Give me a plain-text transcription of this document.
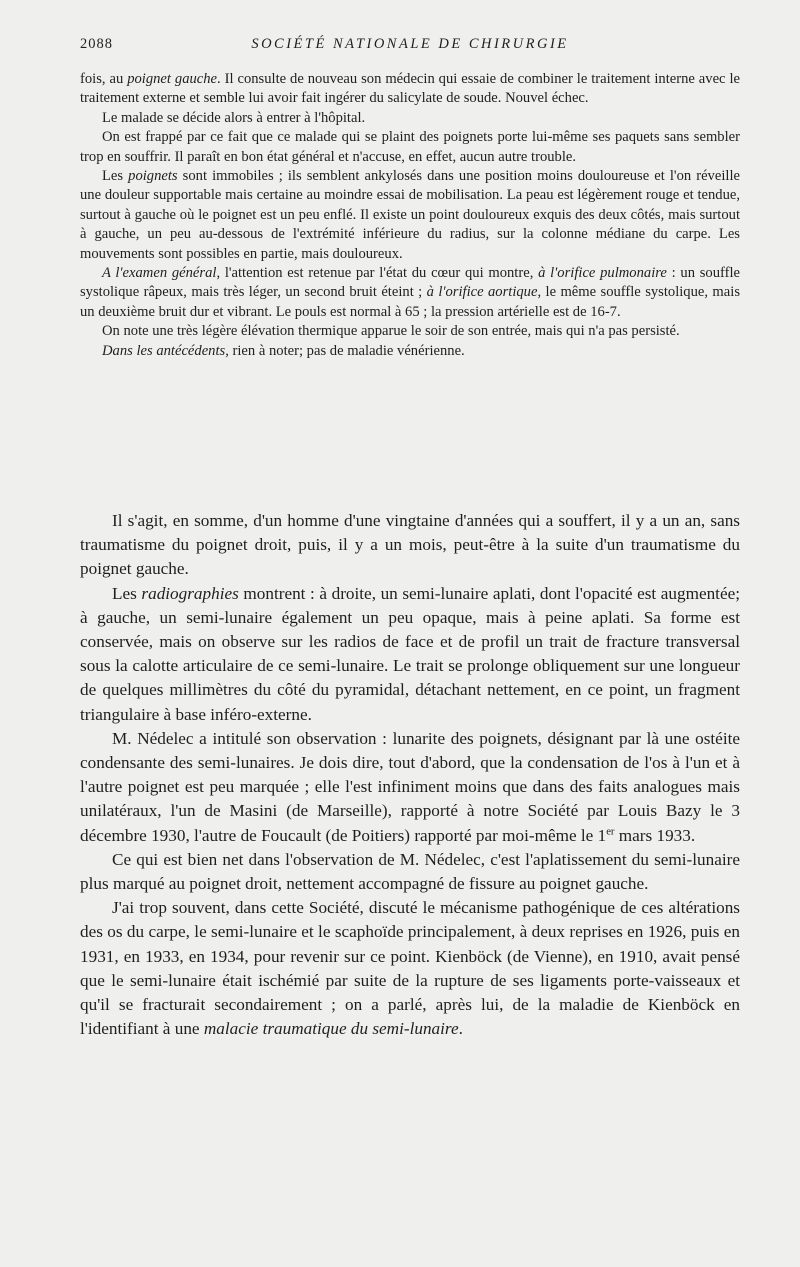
2088	SOCIÉTÉ NATIONALE DE CHIRURGIE

fois, au poignet gauche. Il consulte de nouveau son médecin qui essaie de combiner le traitement interne avec le traitement externe et semble lui avoir fait ingérer du salicylate de soude. Nouvel échec.

Le malade se décide alors à entrer à l'hôpital.

On est frappé par ce fait que ce malade qui se plaint des poignets porte lui-même ses paquets sans sembler trop en souffrir. Il paraît en bon état général et n'accuse, en effet, aucun autre trouble.

Les poignets sont immobiles ; ils semblent ankylosés dans une position moins douloureuse et l'on réveille une douleur supportable mais certaine au moindre essai de mobilisation. La peau est légèrement rouge et tendue, surtout à gauche où le poignet est un peu enflé. Il existe un point douloureux exquis des deux côtés, mais surtout à gauche, un peu au-dessous de l'extrémité inférieure du radius, sur la colonne médiane du carpe. Les mouvements sont possibles en partie, mais douloureux.

A l'examen général, l'attention est retenue par l'état du cœur qui montre, à l'orifice pulmonaire : un souffle systolique râpeux, mais très léger, un second bruit éteint ; à l'orifice aortique, le même souffle systolique, mais un deuxième bruit dur et vibrant. Le pouls est normal à 65 ; la pression artérielle est de 16-7.

On note une très légère élévation thermique apparue le soir de son entrée, mais qui n'a pas persisté.

Dans les antécédents, rien à noter; pas de maladie vénérienne.

Il s'agit, en somme, d'un homme d'une vingtaine d'années qui a souffert, il y a un an, sans traumatisme du poignet droit, puis, il y a un mois, peut-être à la suite d'un traumatisme du poignet gauche.

Les radiographies montrent : à droite, un semi-lunaire aplati, dont l'opacité est augmentée; à gauche, un semi-lunaire également un peu opaque, mais à peine aplati. Sa forme est conservée, mais on observe sur les radios de face et de profil un trait de fracture transversal sous la calotte articulaire de ce semi-lunaire. Le trait se prolonge obliquement sur une longueur de quelques millimètres du côté du pyramidal, détachant nettement, en ce point, un fragment triangulaire à base inféro-externe.

M. Nédelec a intitulé son observation : lunarite des poignets, désignant par là une ostéite condensante des semi-lunaires. Je dois dire, tout d'abord, que la condensation de l'os à l'un et à l'autre poignet est peu marquée ; elle l'est infiniment moins que dans des faits analogues mais unilatéraux, l'un de Masini (de Marseille), rapporté à notre Société par Louis Bazy le 3 décembre 1930, l'autre de Foucault (de Poitiers) rapporté par moi-même le 1er mars 1933.

Ce qui est bien net dans l'observation de M. Nédelec, c'est l'aplatissement du semi-lunaire plus marqué au poignet droit, nettement accompagné de fissure au poignet gauche.

J'ai trop souvent, dans cette Société, discuté le mécanisme pathogénique de ces altérations des os du carpe, le semi-lunaire et le scaphoïde principalement, à deux reprises en 1926, puis en 1931, en 1933, en 1934, pour revenir sur ce point. Kienböck (de Vienne), en 1910, avait pensé que le semi-lunaire était ischémié par suite de la rupture de ses ligaments porte-vaisseaux et qu'il se fracturait secondairement ; on a parlé, après lui, de la maladie de Kienböck en l'identifiant à une malacie traumatique du semi-lunaire.
